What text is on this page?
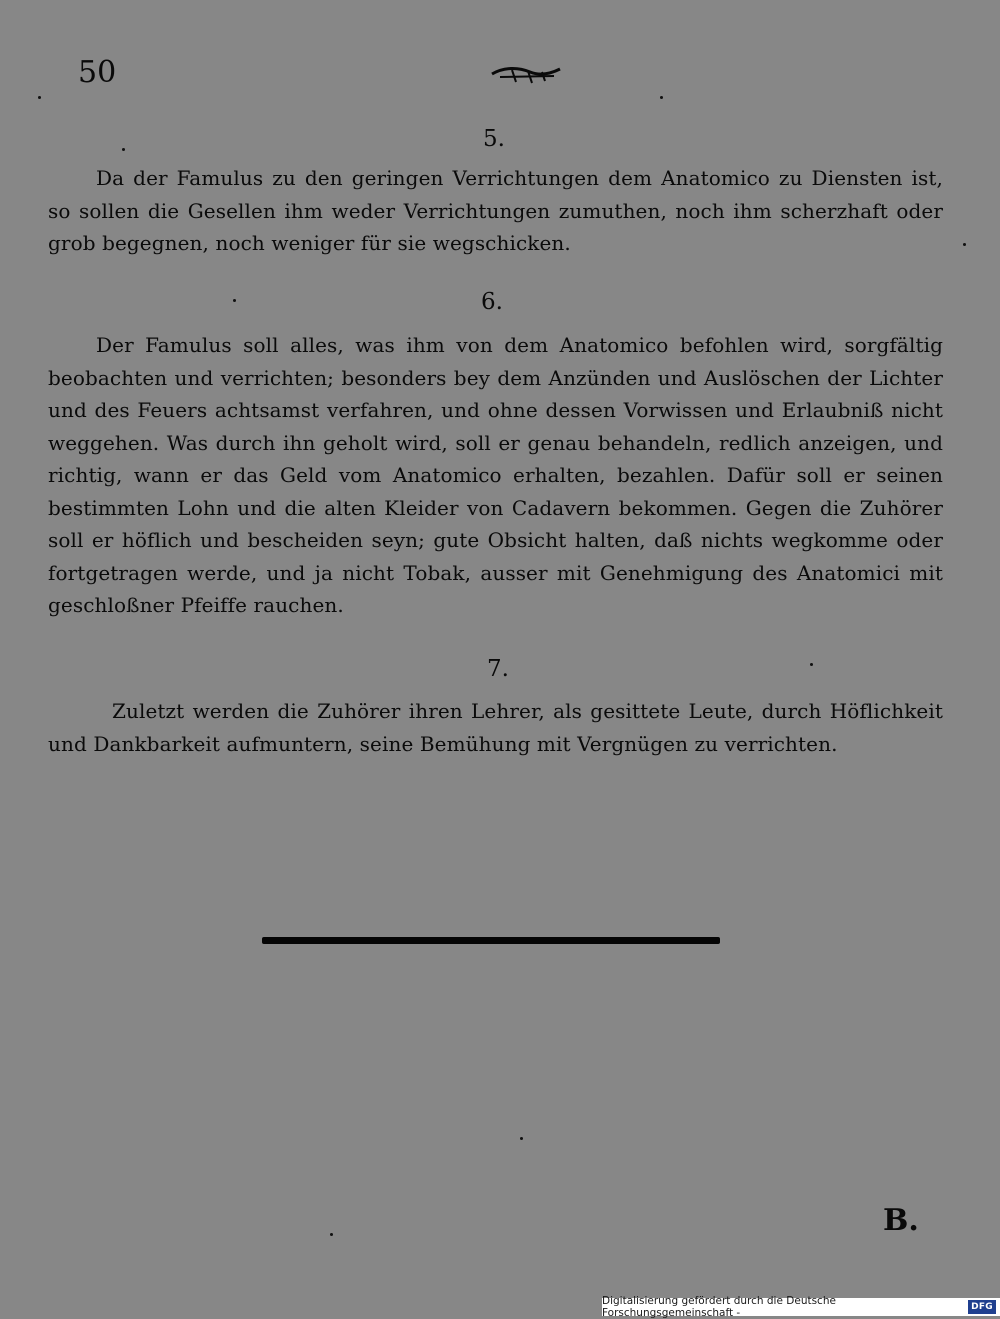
50
5.
Da der Famulus zu den geringen Verrichtungen dem Anatomico zu Diensten ist, so sollen die Gesellen ihm weder Verrichtungen zumuthen, noch ihm scherzhaft oder grob begegnen, noch weniger für sie wegschicken.
6.
Der Famulus soll alles, was ihm von dem Anatomico befohlen wird, sorgfältig beobachten und verrichten; besonders bey dem Anzünden und Auslöschen der Lichter und des Feuers achtsamst verfahren, und ohne dessen Vorwissen und Erlaubniß nicht weggehen. Was durch ihn geholt wird, soll er genau behandeln, redlich anzeigen, und richtig, wann er das Geld vom Anatomico erhalten, bezahlen. Dafür soll er seinen bestimmten Lohn und die alten Kleider von Cadavern bekommen. Gegen die Zuhörer soll er höflich und bescheiden seyn; gute Obsicht halten, daß nichts wegkomme oder fortgetragen werde, und ja nicht Tobak, ausser mit Genehmigung des Anatomici mit geschloßner Pfeiffe rauchen.
7.
Zuletzt werden die Zuhörer ihren Lehrer, als gesittete Leute, durch Höflichkeit und Dankbarkeit aufmuntern, seine Bemühung mit Vergnügen zu verrichten.
B.
Digitalisierung gefördert durch die Deutsche Forschungsgemeinschaft -	DFG
